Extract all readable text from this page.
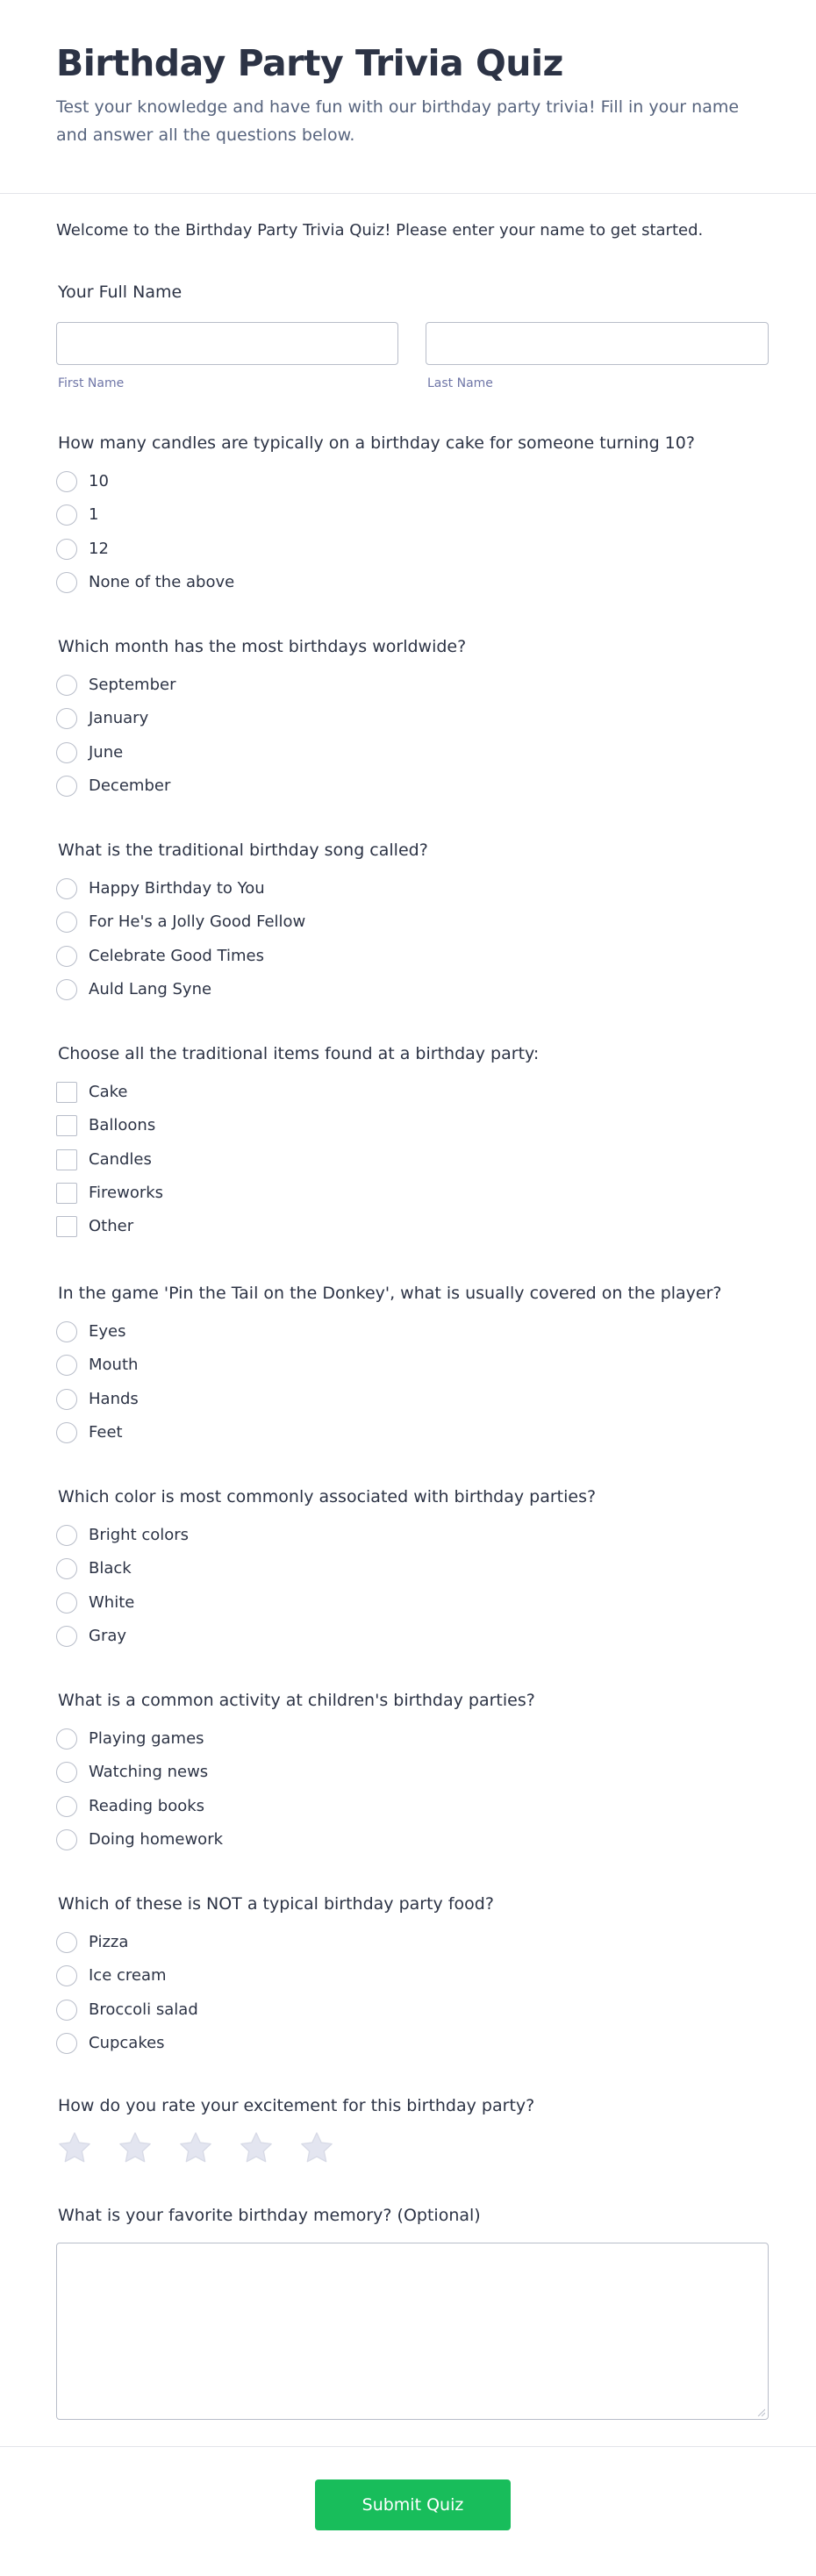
Birthday Party Trivia Quiz

Test your knowledge and have fun with our birthday party trivia! Fill in your name and answer all the questions below.

Welcome to the Birthday Party Trivia Quiz! Please enter your name to get started.

Your Full Name
First Name	Last Name
How many candles are typically on a birthday cake for someone turning 10?
10
1
12
None of the above
Which month has the most birthdays worldwide?
September
January
June
December
What is the traditional birthday song called?
Happy Birthday to You
For He's a Jolly Good Fellow
Celebrate Good Times
Auld Lang Syne
Choose all the traditional items found at a birthday party:
Cake
Balloons
Candles
Fireworks
Other
In the game 'Pin the Tail on the Donkey', what is usually covered on the player?
Eyes
Mouth
Hands
Feet
Which color is most commonly associated with birthday parties?
Bright colors
Black
White
Gray
What is a common activity at children's birthday parties?
Playing games
Watching news
Reading books
Doing homework
Which of these is NOT a typical birthday party food?
Pizza
Ice cream
Broccoli salad
Cupcakes
How do you rate your excitement for this birthday party?
What is your favorite birthday memory? (Optional)
Submit Quiz
